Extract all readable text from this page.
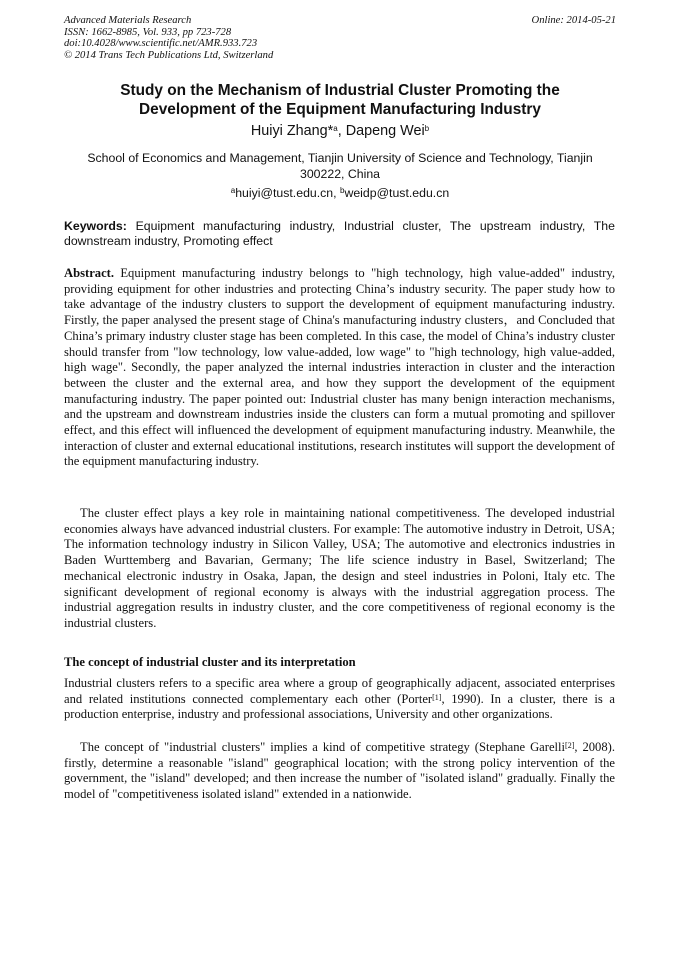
Advanced Materials Research
ISSN: 1662-8985, Vol. 933, pp 723-728
doi:10.4028/www.scientific.net/AMR.933.723
© 2014 Trans Tech Publications Ltd, Switzerland
Online: 2014-05-21
Study on the Mechanism of Industrial Cluster Promoting the
Development of the Equipment Manufacturing Industry
Huiyi Zhang*$^a$, Dapeng Wei$^b$
School of Economics and Management, Tianjin University of Science and Technology, Tianjin 300222, China
$^a$huiyi@tust.edu.cn, $^b$weidp@tust.edu.cn
Keywords: Equipment manufacturing industry, Industrial cluster, The upstream industry, The downstream industry, Promoting effect
Abstract. Equipment manufacturing industry belongs to "high technology, high value-added" industry, providing equipment for other industries and protecting China’s industry security. The paper study how to take advantage of the industry clusters to support the development of equipment manufacturing industry. Firstly, the paper analysed the present stage of China's manufacturing industry clusters，and Concluded that China’s primary industry cluster stage has been completed. In this case, the model of China’s industry cluster should transfer from "low technology, low value-added, low wage" to "high technology, high value-added, high wage". Secondly, the paper analyzed the internal industries interaction in cluster and the interaction between the cluster and the external area, and how they support the development of the equipment manufacturing industry. The paper pointed out: Industrial cluster has many benign interaction mechanisms, and the upstream and downstream industries inside the clusters can form a mutual promoting and spillover effect, and this effect will influenced the development of equipment manufacturing industry. Meanwhile, the interaction of cluster and external educational institutions, research institutes will support the development of the equipment manufacturing industry.
The cluster effect plays a key role in maintaining national competitiveness. The developed industrial economies always have advanced industrial clusters. For example: The automotive industry in Detroit, USA; The information technology industry in Silicon Valley, USA; The automotive and electronics industries in Baden Wurttemberg and Bavarian, Germany; The life science industry in Basel, Switzerland; The mechanical electronic industry in Osaka, Japan, the design and steel industries in Poloni, Italy etc. The significant development of regional economy is always with the industrial aggregation process. The industrial aggregation results in industry cluster, and the core competitiveness of regional economy is the industrial clusters.
The concept of industrial cluster and its interpretation
Industrial clusters refers to a specific area where a group of geographically adjacent, associated enterprises and related institutions connected complementary each other (Porter[1], 1990). In a cluster, there is a production enterprise, industry and professional associations, University and other organizations.
The concept of "industrial clusters" implies a kind of competitive strategy (Stephane Garelli[2], 2008). firstly, determine a reasonable "island" geographical location; with the strong policy intervention of the government, the "island" developed; and then increase the number of "isolated island" gradually. Finally the model of "competitiveness isolated island" extended in a nationwide.
